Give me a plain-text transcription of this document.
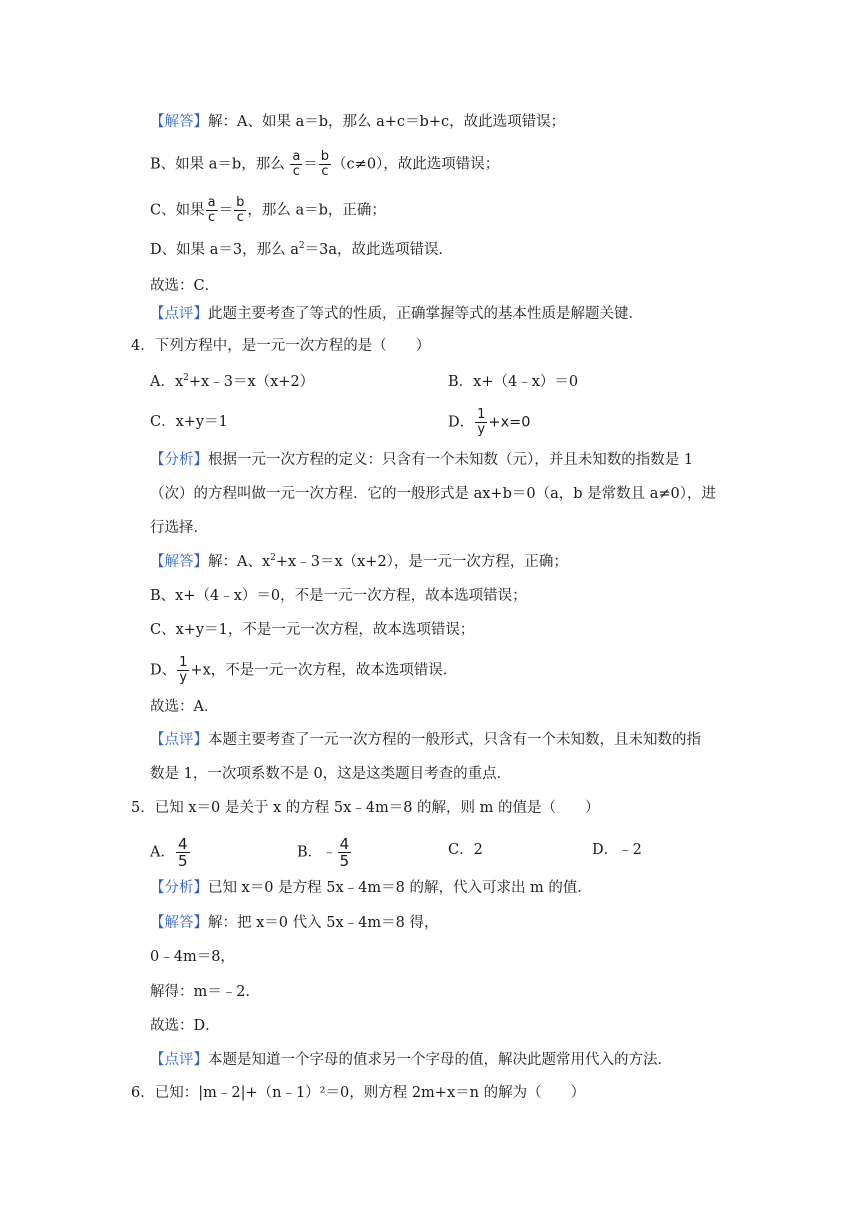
【解答】解：A、如果 a＝b，那么 a+c＝b+c，故此选项错误；
B、如果 a＝b，那么 $\frac{a}{c} = \frac{b}{c} (c\ne 0)$，故此选项错误；
C、如果 $\frac{a}{c} = \frac{b}{c}$ ，那么 a＝b，正确；
D、如果 a＝3，那么 $a^2=3a$，故此选项错误．
故选：C．
【点评】此题主要考查了等式的性质，正确掌握等式的基本性质是解题关键．
4．下列方程中，是一元一次方程的是（　　）
A．$x^2+x﹣3=x(x+2)$	B．x+（4﹣x）＝0
C．x+y＝1	D． $\frac{1}{y} +x=0$
【分析】根据一元一次方程的定义：只含有一个未知数（元），并且未知数的指数是 1
（次）的方程叫做一元一次方程．它的一般形式是 ax+b＝0（a，b 是常数且 a≠0），进
行选择．
【解答】解：A、$x^2+x﹣3=x(x+2)$，是一元一次方程，正确；
B、x+（4﹣x）＝0，不是一元一次方程，故本选项错误；
C、x+y＝1，不是一元一次方程，故本选项错误；
D、 $\frac{1}{y} +x$，不是一元一次方程，故本选项错误．
故选：A．
【点评】本题主要考查了一元一次方程的一般形式，只含有一个未知数，且未知数的指
数是 1，一次项系数不是 0，这是这类题目考查的重点．
5．已知 x＝0 是关于 x 的方程 5x﹣4m＝8 的解，则 m 的值是（　　）
A． $\frac{4}{5}$	B．﹣ $\frac{4}{5}$	C．2	D．﹣2
【分析】已知 x＝0 是方程 5x﹣4m＝8 的解，代入可求出 m 的值．
【解答】解：把 x＝0 代入 5x﹣4m＝8 得，
0﹣4m＝8，
解得：m＝﹣2．
故选：D．
【点评】本题是知道一个字母的值求另一个字母的值，解决此题常用代入的方法．
6．已知：|m﹣2|+（n﹣1）²＝0，则方程 2m+x＝n 的解为（　　）
